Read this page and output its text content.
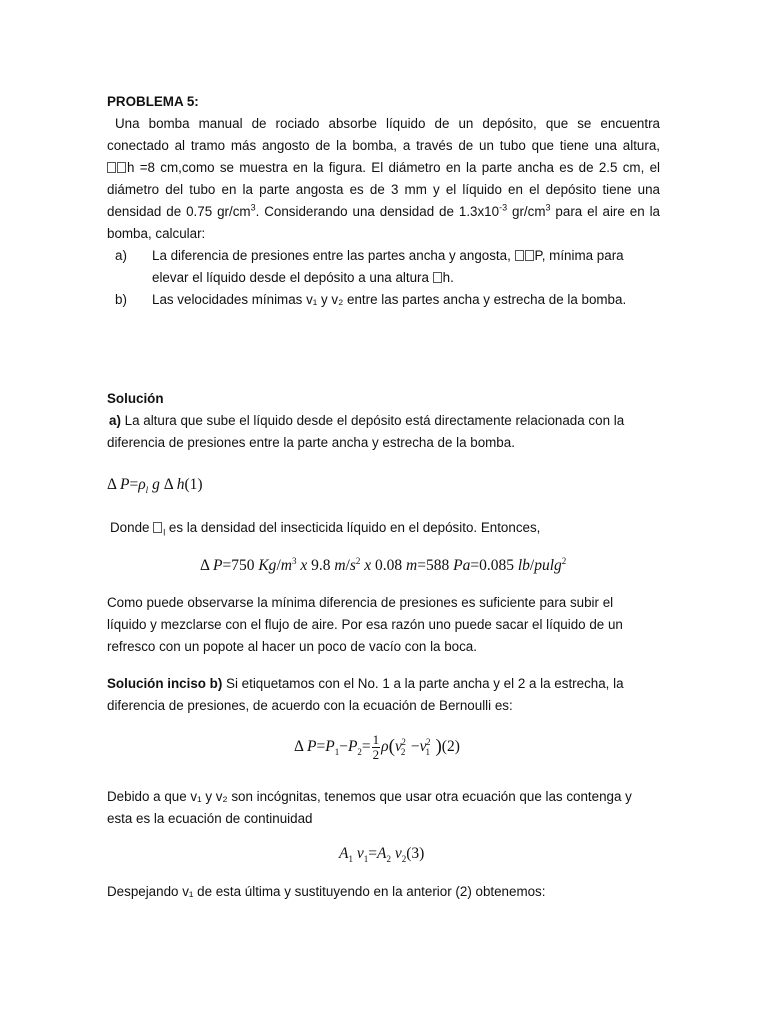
PROBLEMA 5:
Una bomba manual de rociado absorbe líquido de un depósito, que se encuentra
conectado al tramo más angosto de la bomba, a través de un tubo que tiene una altura,
h =8 cm,como se muestra en la figura. El diámetro en la parte ancha es de 2.5 cm, el
diámetro del tubo en la parte angosta es de 3 mm y el líquido en el depósito tiene una
densidad de 0.75 $gr/cm^3$. Considerando una densidad de $1.3x10^{-3}$ $gr/cm^3$ para el aire en la
bomba, calcular:
a) La diferencia de presiones entre las partes ancha y angosta, P, mínima para
elevar el líquido desde el depósito a una altura h.
b) Las velocidades mínimas v₁ y v₂ entre las partes ancha y estrecha de la bomba.
Solución
a) La altura que sube el líquido desde el depósito está directamente relacionada con la
diferencia de presiones entre la parte ancha y estrecha de la bomba.
Δ $P=\rho_l$ g Δ h(1)
Donde $_l$ es la densidad del insecticida líquido en el depósito. Entonces,
Δ P=750 $Kg/m^3$ x 9.8 $m/s^2$ x 0.08 m=588 Pa=0.085 lb/pulg$^2$
Como puede observarse la mínima diferencia de presiones es suficiente para subir el
líquido y mezclarse con el flujo de aire. Por esa razón uno puede sacar el líquido de un
refresco con un popote al hacer un poco de vacío con la boca.
Solución inciso b) Si etiquetamos con el No. 1 a la parte ancha y el 2 a la estrecha, la
diferencia de presiones, de acuerdo con la ecuación de Bernoulli es:
Δ $P=P_1-P_2= \frac{1}{2} \rho(v_2^2 -v_1^2$ )(2)
Debido a que v₁ y v₂ son incógnitas, tenemos que usar otra ecuación que las contenga y
esta es la ecuación de continuidad
$A_1$ $v_1=A_2$ $v_2(3)$
Despejando v₁ de esta última y sustituyendo en la anterior (2) obtenemos:
